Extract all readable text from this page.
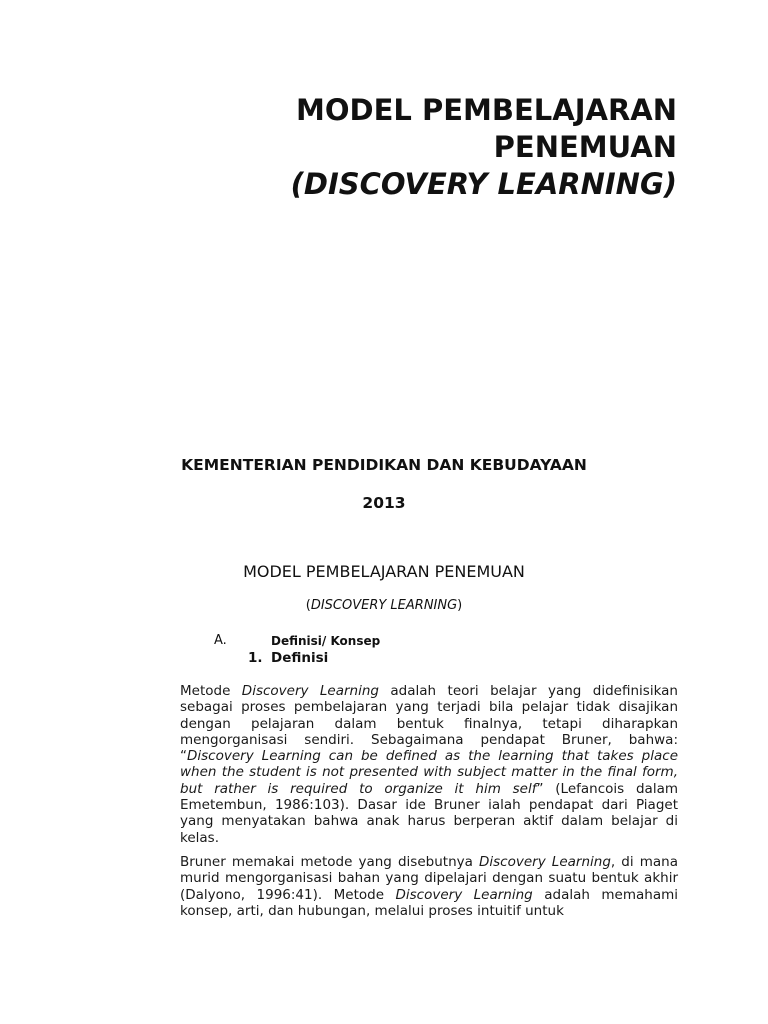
MODEL PEMBELAJARAN
PENEMUAN
(DISCOVERY LEARNING)
KEMENTERIAN PENDIDIKAN DAN KEBUDAYAAN
2013
MODEL PEMBELAJARAN PENEMUAN
(DISCOVERY LEARNING)
A.	Definisi/ Konsep
1. Definisi
Metode Discovery Learning adalah teori belajar yang didefinisikan sebagai proses pembelajaran yang terjadi bila pelajar tidak disajikan dengan pelajaran dalam bentuk finalnya, tetapi diharapkan mengorganisasi sendiri. Sebagaimana pendapat Bruner, bahwa: “Discovery Learning can be defined as the learning that takes place when the student is not presented with subject matter in the final form, but rather is required to organize it him self” (Lefancois dalam Emetembun, 1986:103). Dasar ide Bruner ialah pendapat dari Piaget yang menyatakan bahwa anak harus berperan aktif dalam belajar di kelas.
Bruner memakai metode yang disebutnya Discovery Learning, di mana murid mengorganisasi bahan yang dipelajari dengan suatu bentuk akhir (Dalyono, 1996:41). Metode Discovery Learning adalah memahami konsep, arti, dan hubungan, melalui proses intuitif untuk
